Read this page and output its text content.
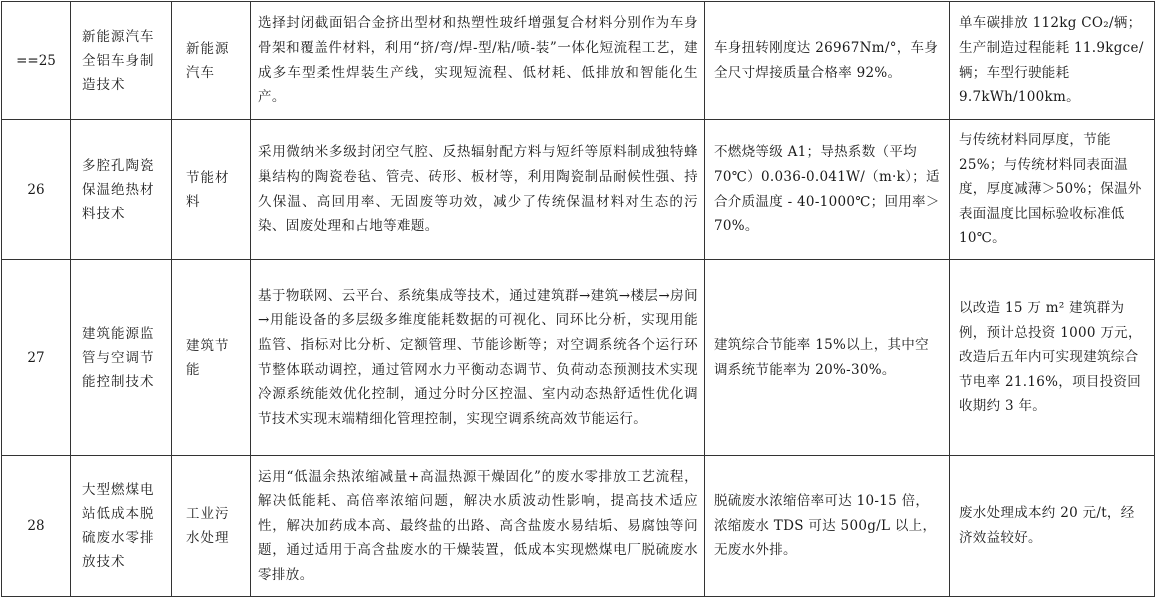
==25	新能源汽车全铝车身制造技术	新能源汽车	选择封闭截面铝合金挤出型材和热塑性玻纤增强复合材料分别作为车身骨架和覆盖件材料，利用“挤/弯/焊-型/粘/喷-装”一体化短流程工艺，建成多车型柔性焊装生产线，实现短流程、低材耗、低排放和智能化生产。	车身扭转刚度达 26967Nm/°，车身全尺寸焊接质量合格率 92%。	单车碳排放 112kg CO₂/辆；生产制造过程能耗 11.9kgce/辆；车型行驶能耗 9.7kWh/100km。

26	多腔孔陶瓷保温绝热材料技术	节能材料	采用微纳米多级封闭空气腔、反热辐射配方料与短纤等原料制成独特蜂巢结构的陶瓷卷毡、管壳、砖形、板材等，利用陶瓷制品耐候性强、持久保温、高回用率、无固废等功效，减少了传统保温材料对生态的污染、固废处理和占地等难题。	不燃烧等级 A1；导热系数（平均 70℃）0.036-0.041W/（m·k）；适合介质温度 - 40-1000℃；回用率＞70%。	与传统材料同厚度，节能 25%；与传统材料同表面温度，厚度减薄＞50%；保温外表面温度比国标验收标准低 10℃。

27	建筑能源监管与空调节能控制技术	建筑节能	基于物联网、云平台、系统集成等技术，通过建筑群→建筑→楼层→房间→用能设备的多层级多维度能耗数据的可视化、同环比分析，实现用能监管、指标对比分析、定额管理、节能诊断等；对空调系统各个运行环节整体联动调控，通过管网水力平衡动态调节、负荷动态预测技术实现冷源系统能效优化控制，通过分时分区控温、室内动态热舒适性优化调节技术实现末端精细化管理控制，实现空调系统高效节能运行。	建筑综合节能率 15%以上，其中空调系统节能率为 20%-30%。	以改造 15 万 m² 建筑群为例，预计总投资 1000 万元，改造后五年内可实现建筑综合节电率 21.16%，项目投资回收期约 3 年。

28	大型燃煤电站低成本脱硫废水零排放技术	工业污水处理	运用“低温余热浓缩减量+高温热源干燥固化”的废水零排放工艺流程，解决低能耗、高倍率浓缩问题，解决水质波动性影响，提高技术适应性，解决加药成本高、最终盐的出路、高含盐废水易结垢、易腐蚀等问题，通过适用于高含盐废水的干燥装置，低成本实现燃煤电厂脱硫废水零排放。	脱硫废水浓缩倍率可达 10-15 倍，浓缩废水 TDS 可达 500g/L 以上，无废水外排。	废水处理成本约 20 元/t，经济效益较好。
